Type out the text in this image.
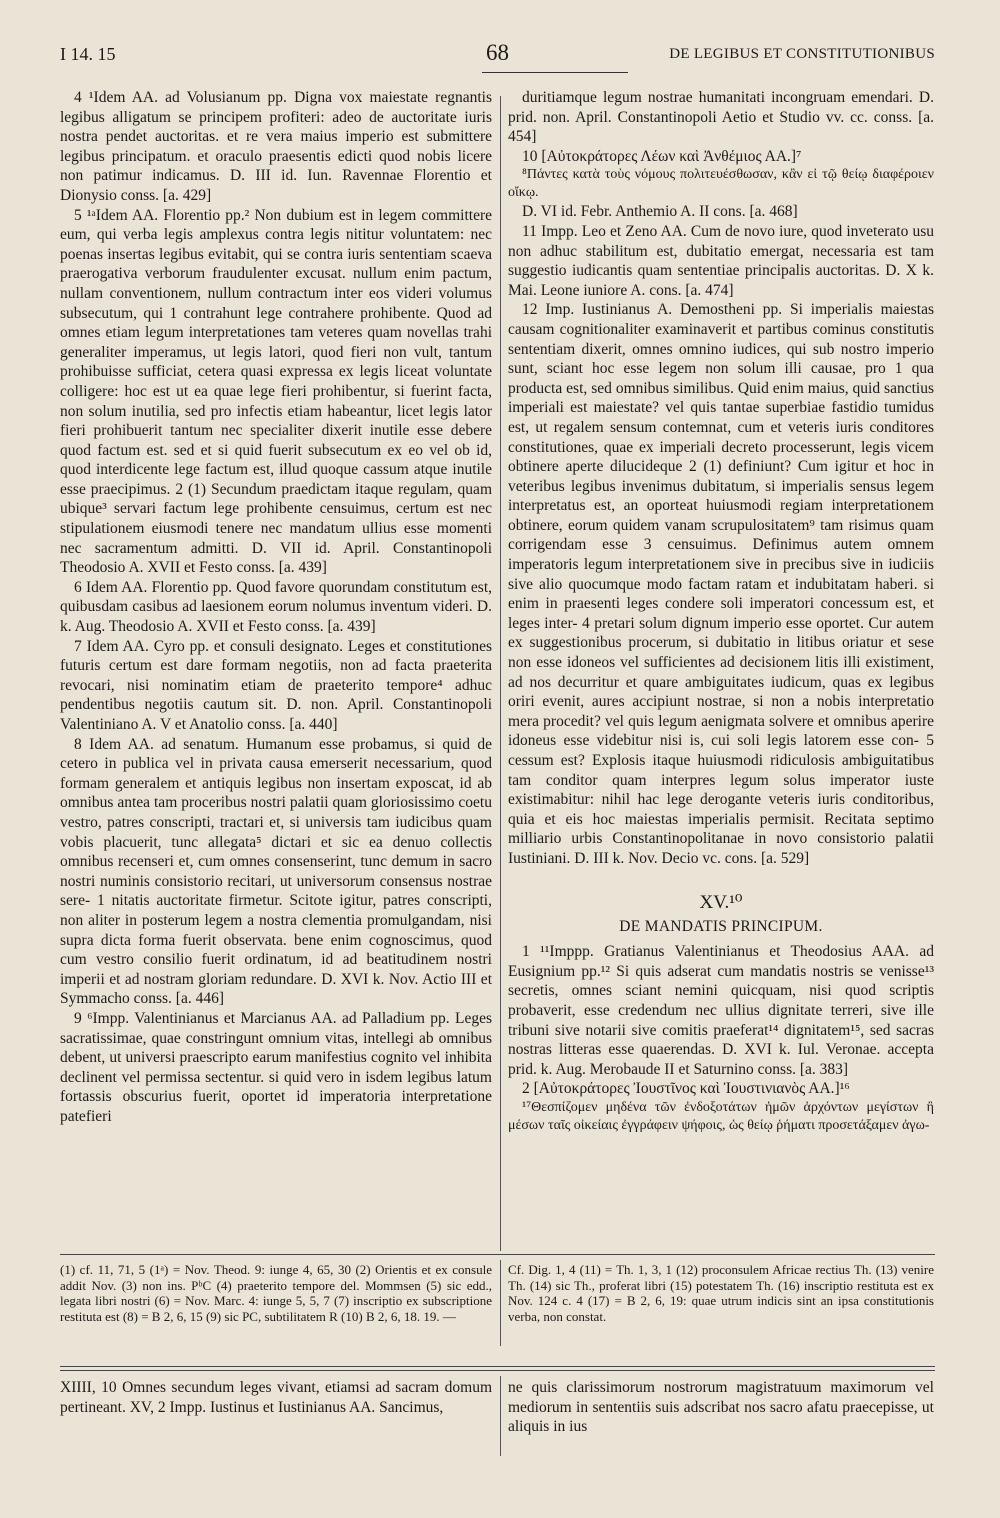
I 14. 15	68	DE LEGIBUS ET CONSTITUTIONIBUS

4 ¹Idem AA. ad Volusianum pp. Digna vox maiestate regnantis legibus alligatum se principem profiteri: adeo de auctoritate iuris nostra pendet auctoritas. et re vera maius imperio est submittere legibus principatum. et oraculo praesentis edicti quod nobis licere non patimur indicamus. D. III id. Iun. Ravennae Florentio et Dionysio conss. [a. 429]

5 ¹ᵃIdem AA. Florentio pp.² Non dubium est in legem committere eum, qui verba legis amplexus contra legis nititur voluntatem: nec poenas insertas legibus evitabit, qui se contra iuris sententiam scaeva praerogativa verborum fraudulenter excusat. nullum enim pactum, nullam conventionem, nullum contractum inter eos videri volumus subsecutum, qui 1 contrahunt lege contrahere prohibente. Quod ad omnes etiam legum interpretationes tam veteres quam novellas trahi generaliter imperamus, ut legis latori, quod fieri non vult, tantum prohibuisse sufficiat, cetera quasi expressa ex legis liceat voluntate colligere: hoc est ut ea quae lege fieri prohibentur, si fuerint facta, non solum inutilia, sed pro infectis etiam habeantur, licet legis lator fieri prohibuerit tantum nec specialiter dixerit inutile esse debere quod factum est. sed et si quid fuerit subsecutum ex eo vel ob id, quod interdicente lege factum est, illud quoque cassum atque inutile esse praecipimus. 2 (1) Secundum praedictam itaque regulam, quam ubique³ servari factum lege prohibente censuimus, certum est nec stipulationem eiusmodi tenere nec mandatum ullius esse momenti nec sacramentum admitti. D. VII id. April. Constantinopoli Theodosio A. XVII et Festo conss. [a. 439]

6 Idem AA. Florentio pp. Quod favore quorundam constitutum est, quibusdam casibus ad laesionem eorum nolumus inventum videri. D. k. Aug. Theodosio A. XVII et Festo conss. [a. 439]

7 Idem AA. Cyro pp. et consuli designato. Leges et constitutiones futuris certum est dare formam negotiis, non ad facta praeterita revocari, nisi nominatim etiam de praeterito tempore⁴ adhuc pendentibus negotiis cautum sit. D. non. April. Constantinopoli Valentiniano A. V et Anatolio conss. [a. 440]

8 Idem AA. ad senatum. Humanum esse probamus, si quid de cetero in publica vel in privata causa emerserit necessarium, quod formam generalem et antiquis legibus non insertam exposcat, id ab omnibus antea tam proceribus nostri palatii quam gloriosissimo coetu vestro, patres conscripti, tractari et, si universis tam iudicibus quam vobis placuerit, tunc allegata⁵ dictari et sic ea denuo collectis omnibus recenseri et, cum omnes consenserint, tunc demum in sacro nostri numinis consistorio recitari, ut universorum consensus nostrae sere- 1 nitatis auctoritate firmetur. Scitote igitur, patres conscripti, non aliter in posterum legem a nostra clementia promulgandam, nisi supra dicta forma fuerit observata. bene enim cognoscimus, quod cum vestro consilio fuerit ordinatum, id ad beatitudinem nostri imperii et ad nostram gloriam redundare. D. XVI k. Nov. Actio III et Symmacho conss. [a. 446]

9 ⁶Impp. Valentinianus et Marcianus AA. ad Palladium pp. Leges sacratissimae, quae constringunt omnium vitas, intellegi ab omnibus debent, ut universi praescripto earum manifestius cognito vel inhibita declinent vel permissa sectentur. si quid vero in isdem legibus latum fortassis obscurius fuerit, oportet id imperatoria interpretatione patefieri

duritiamque legum nostrae humanitati incongruam emendari. D. prid. non. April. Constantinopoli Aetio et Studio vv. cc. conss. [a. 454]

10 [Αὐτοκράτορες Λέων καὶ Ἀνθέμιος ΑΑ.]⁷

⁸Πάντες κατὰ τοὺς νόμους πολιτευέσθωσαν, κἂν εἰ τῷ θείῳ διαφέροιεν οἴκῳ.

D. VI id. Febr. Anthemio A. II cons. [a. 468]

11 Impp. Leo et Zeno AA. Cum de novo iure, quod inveterato usu non adhuc stabilitum est, dubitatio emergat, necessaria est tam suggestio iudicantis quam sententiae principalis auctoritas. D. X k. Mai. Leone iuniore A. cons. [a. 474]

12 Imp. Iustinianus A. Demostheni pp. Si imperialis maiestas causam cognitionaliter examinaverit et partibus cominus constitutis sententiam dixerit, omnes omnino iudices, qui sub nostro imperio sunt, sciant hoc esse legem non solum illi causae, pro 1 qua producta est, sed omnibus similibus. Quid enim maius, quid sanctius imperiali est maiestate? vel quis tantae superbiae fastidio tumidus est, ut regalem sensum contemnat, cum et veteris iuris conditores constitutiones, quae ex imperiali decreto processerunt, legis vicem obtinere aperte dilucideque 2 (1) definiunt? Cum igitur et hoc in veteribus legibus invenimus dubitatum, si imperialis sensus legem interpretatus est, an oporteat huiusmodi regiam interpretationem obtinere, eorum quidem vanam scrupulositatem⁹ tam risimus quam corrigendam esse 3 censuimus. Definimus autem omnem imperatoris legum interpretationem sive in precibus sive in iudiciis sive alio quocumque modo factam ratam et indubitatam haberi. si enim in praesenti leges condere soli imperatori concessum est, et leges inter- 4 pretari solum dignum imperio esse oportet. Cur autem ex suggestionibus procerum, si dubitatio in litibus oriatur et sese non esse idoneos vel sufficientes ad decisionem litis illi existiment, ad nos decurritur et quare ambiguitates iudicum, quas ex legibus oriri evenit, aures accipiunt nostrae, si non a nobis interpretatio mera procedit? vel quis legum aenigmata solvere et omnibus aperire idoneus esse videbitur nisi is, cui soli legis latorem esse con- 5 cessum est? Explosis itaque huiusmodi ridiculosis ambiguitatibus tam conditor quam interpres legum solus imperator iuste existimabitur: nihil hac lege derogante veteris iuris conditoribus, quia et eis hoc maiestas imperialis permisit. Recitata septimo milliario urbis Constantinopolitanae in novo consistorio palatii Iustiniani. D. III k. Nov. Decio vc. cons. [a. 529]

XV.¹⁰

DE MANDATIS PRINCIPUM.

1 ¹¹Imppp. Gratianus Valentinianus et Theodosius AAA. ad Eusignium pp.¹² Si quis adserat cum mandatis nostris se venisse¹³ secretis, omnes sciant nemini quicquam, nisi quod scriptis probaverit, esse credendum nec ullius dignitate terreri, sive ille tribuni sive notarii sive comitis praeferat¹⁴ dignitatem¹⁵, sed sacras nostras litteras esse quaerendas. D. XVI k. Iul. Veronae. accepta prid. k. Aug. Merobaude II et Saturnino conss. [a. 383]

2 [Αὐτοκράτορες Ἰουστῖνος καὶ Ἰουστινιανὸς ΑΑ.]¹⁶

¹⁷Θεσπίζομεν μηδένα τῶν ἐνδοξοτάτων ἡμῶν ἀρχόντων μεγίστων ἢ μέσων ταῖς οἰκείαις ἐγγράφειν ψήφοις, ὡς θείῳ ῥήματι προσετάξαμεν ἀγω-

(1) cf. 11, 71, 5 (1ᵃ) = Nov. Theod. 9: iunge 4, 65, 30 (2) Orientis et ex consule addit Nov. (3) non ins. PᵇC (4) praeterito tempore del. Mommsen (5) sic edd., legata libri nostri (6) = Nov. Marc. 4: iunge 5, 5, 7 (7) inscriptio ex subscriptione restituta est (8) = B 2, 6, 15 (9) sic PC, subtilitatem R (10) B 2, 6, 18. 19. —

Cf. Dig. 1, 4 (11) = Th. 1, 3, 1 (12) proconsulem Africae rectius Th. (13) venire Th. (14) sic Th., proferat libri (15) potestatem Th. (16) inscriptio restituta est ex Nov. 124 c. 4 (17) = B 2, 6, 19: quae utrum indicis sint an ipsa constitutionis verba, non constat.

XIIII, 10 Omnes secundum leges vivant, etiamsi ad sacram domum pertineant. XV, 2 Impp. Iustinus et Iustinianus AA. Sancimus,

ne quis clarissimorum nostrorum magistratuum maximorum vel mediorum in sententiis suis adscribat nos sacro afatu praecepisse, ut aliquis in ius
